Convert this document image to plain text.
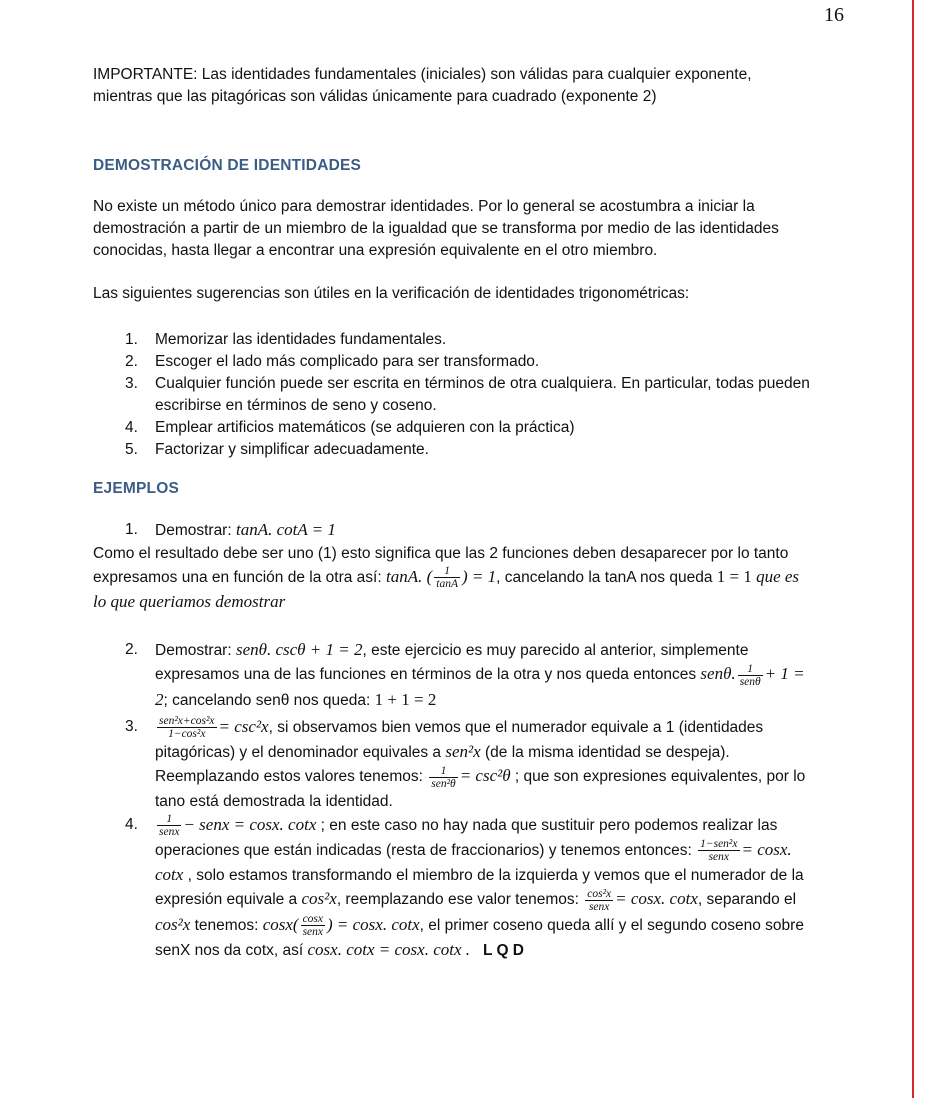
16

IMPORTANTE: Las identidades fundamentales (iniciales) son válidas para cualquier exponente, mientras que las pitagóricas son válidas únicamente para cuadrado (exponente 2)

DEMOSTRACIÓN DE IDENTIDADES

No existe un método único para demostrar identidades. Por lo general se acostumbra a iniciar la demostración a partir de un miembro de la igualdad que se transforma por medio de las identidades conocidas, hasta llegar a encontrar una expresión equivalente en el otro miembro.

Las siguientes sugerencias son útiles en la verificación de identidades trigonométricas:

1. Memorizar las identidades fundamentales.
2. Escoger el lado más complicado para ser transformado.
3. Cualquier función puede ser escrita en términos de otra cualquiera. En particular, todas pueden escribirse en términos de seno y coseno.
4. Emplear artificios matemáticos (se adquieren con la práctica)
5. Factorizar y simplificar adecuadamente.

EJEMPLOS

1. Demostrar: tanA. cotA = 1
Como el resultado debe ser uno (1) esto significa que las 2 funciones deben desaparecer por lo tanto expresamos una en función de la otra así: tanA. ( $\frac{1}{\tan A}$ ) = 1, cancelando la tanA nos queda 1 = 1 que es lo que queriamos demostrar
2. Demostrar: senθ. cscθ + 1 = 2, este ejercicio es muy parecido al anterior, simplemente expresamos una de las funciones en términos de la otra y nos queda entonces senθ. $\frac{1}{\text{senθ}} + 1 = 2$; cancelando senθ nos queda: 1 + 1 = 2
3. $\frac{\text{sen²x+cos²x}}{\text{1−cos²x}} = \csc^2x$, si observamos bien vemos que el numerador equivale a 1 (identidades pitagóricas) y el denominador equivales a sen²x (de la misma identidad se despeja). Reemplazando estos valores tenemos: $\frac{1}{\text{sen²θ}} = \csc^2\theta$ ; que son expresiones equivalentes, por lo tano está demostrada la identidad.
4. $\frac{1}{\text{senx}}$ − senx = cosx. cotx ; en este caso no hay nada que sustituir pero podemos realizar las operaciones que están indicadas (resta de fraccionarios) y tenemos entonces: $\frac{\text{1−sen²x}}{\text{senx}} = \cos x$. cotx , solo estamos transformando el miembro de la izquierda y vemos que el numerador de la expresión equivale a cos²x, reemplazando ese valor tenemos: $\frac{\text{cos²x}}{\text{senx}} = \cos x$. cotx, separando el cos²x tenemos: $\cos x( \frac{\cos x}{\text{senx}}$ ) = cosx. cotx, el primer coseno queda allí y el segundo coseno sobre senX nos da cotx, así cosx. cotx = cosx. cotx . L Q D
